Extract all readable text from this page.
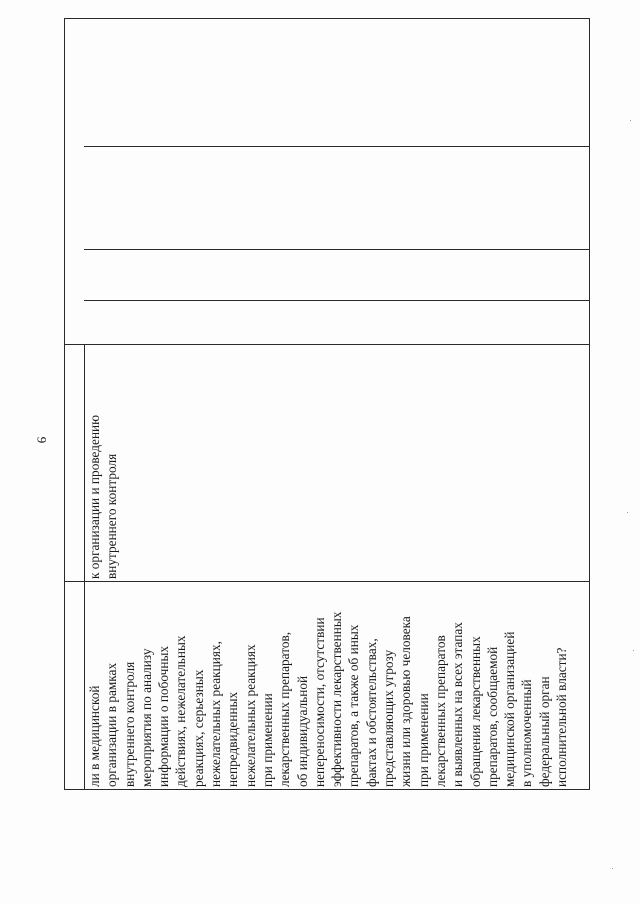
9
ли в медицинской организации в рамках внутреннего контроля мероприятия по анализу информации о побочных действиях, нежелательных реакциях, серьезных нежелательных реакциях, непредвиденных нежелательных реакциях при применении лекарственных препаратов, об индивидуальной непереносимости, отсутствии эффективности лекарственных препаратов, а также об иных фактах и обстоятельствах, представляющих угрозу жизни или здоровью человека при применении лекарственных препаратов и выявленных на всех этапах обращения лекарственных препаратов, сообщаемой медицинской организацией в уполномоченный федеральный орган исполнительной власти?
к организации и проведению внутреннего контроля
